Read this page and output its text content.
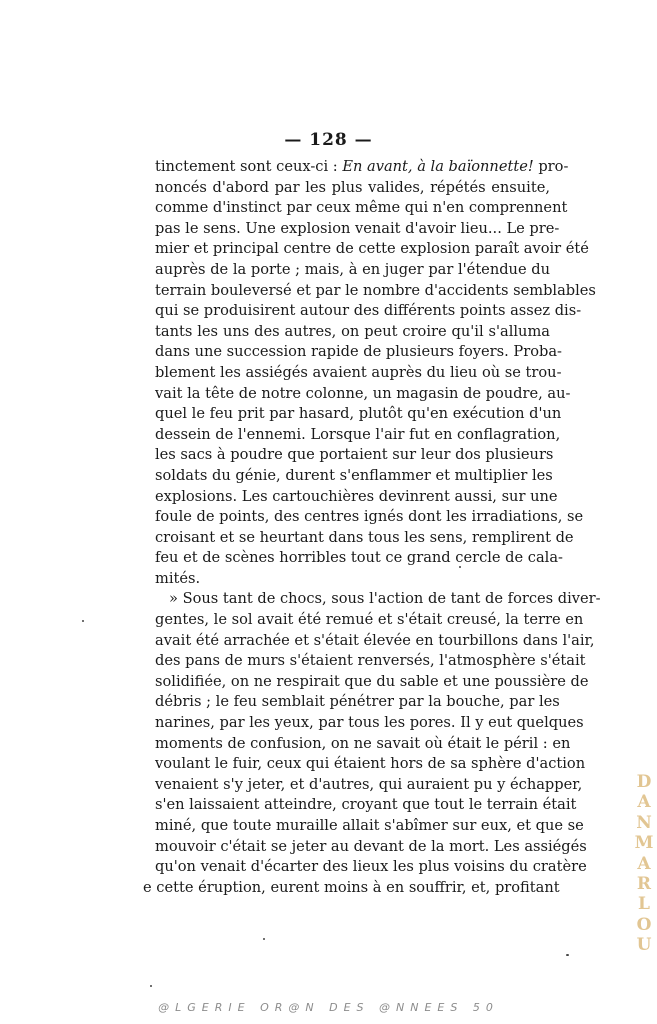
— 128 —
tinctement sont ceux-ci : En avant, à la baïonnette! pro-
noncés d'abord par les plus valides, répétés ensuite,
comme d'instinct par ceux même qui n'en comprennent
pas le sens. Une explosion venait d'avoir lieu... Le pre-
mier et principal centre de cette explosion paraît avoir été
auprès de la porte ; mais, à en juger par l'étendue du
terrain bouleversé et par le nombre d'accidents semblables
qui se produisirent autour des différents points assez dis-
tants les uns des autres, on peut croire qu'il s'alluma
dans une succession rapide de plusieurs foyers. Proba-
blement les assiégés avaient auprès du lieu où se trou-
vait la tête de notre colonne, un magasin de poudre, au-
quel le feu prit par hasard, plutôt qu'en exécution d'un
dessein de l'ennemi. Lorsque l'air fut en conflagration,
les sacs à poudre que portaient sur leur dos plusieurs
soldats du génie, durent s'enflammer et multiplier les
explosions. Les cartouchières devinrent aussi, sur une
foule de points, des centres ignés dont les irradiations, se
croisant et se heurtant dans tous les sens, remplirent de
feu et de scènes horribles tout ce grand cercle de cala-
mités.
» Sous tant de chocs, sous l'action de tant de forces diver-
gentes, le sol avait été remué et s'était creusé, la terre en
avait été arrachée et s'était élevée en tourbillons dans l'air,
des pans de murs s'étaient renversés, l'atmosphère s'était
solidifiée, on ne respirait que du sable et une poussière de
débris ; le feu semblait pénétrer par la bouche, par les
narines, par les yeux, par tous les pores. Il y eut quelques
moments de confusion, on ne savait où était le péril : en
voulant le fuir, ceux qui étaient hors de sa sphère d'action
venaient s'y jeter, et d'autres, qui auraient pu y échapper,
s'en laissaient atteindre, croyant que tout le terrain était
miné, que toute muraille allait s'abîmer sur eux, et que se
mouvoir c'était se jeter au devant de la mort. Les assiégés
qu'on venait d'écarter des lieux les plus voisins du cratère
e cette éruption, eurent moins à en souffrir, et, profitant
D
A
N
M
A
R
L
O
U
@LGERIE OR@N DES @NNEES 50
